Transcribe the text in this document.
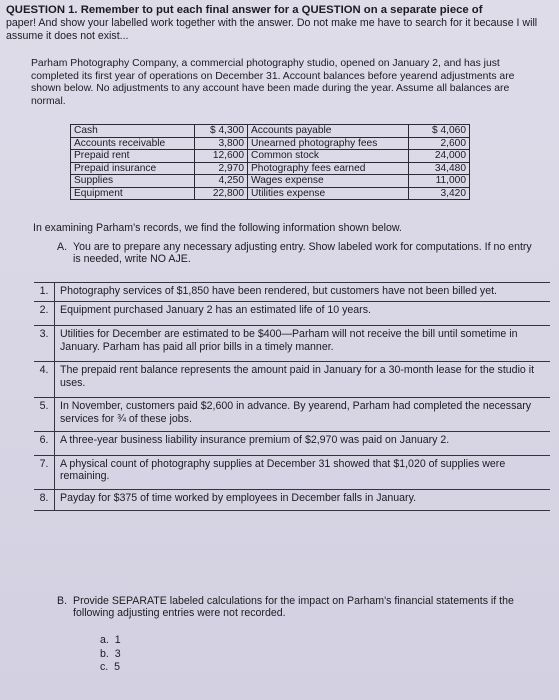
QUESTION 1. Remember to put each final answer for a QUESTION on a separate piece of

paper! And show your labelled work together with the answer. Do not make me have to search for it because I will assume it does not exist...

Parham Photography Company, a commercial photography studio, opened on January 2, and has just completed its first year of operations on December 31. Account balances before yearend adjustments are shown below. No adjustments to any account have been made during the year. Assume all balances are normal.

Cash	$ 4,300	Accounts payable	$ 4,060
Accounts receivable	3,800	Unearned photography fees	2,600
Prepaid rent	12,600	Common stock	24,000
Prepaid insurance	2,970	Photography fees earned	34,480
Supplies	4,250	Wages expense	11,000
Equipment	22,800	Utilities expense	3,420

In examining Parham's records, we find the following information shown below.

A. You are to prepare any necessary adjusting entry. Show labeled work for computations. If no entry is needed, write NO AJE.
1.	Photography services of $1,850 have been rendered, but customers have not been billed yet.
2.	Equipment purchased January 2 has an estimated life of 10 years.
3.	Utilities for December are estimated to be $400—Parham will not receive the bill until sometime in January. Parham has paid all prior bills in a timely manner.
4.	The prepaid rent balance represents the amount paid in January for a 30-month lease for the studio it uses.
5.	In November, customers paid $2,600 in advance. By yearend, Parham had completed the necessary services for ¾ of these jobs.
6.	A three-year business liability insurance premium of $2,970 was paid on January 2.
7.	A physical count of photography supplies at December 31 showed that $1,020 of supplies were remaining.
8.	Payday for $375 of time worked by employees in December falls in January.
B. Provide SEPARATE labeled calculations for the impact on Parham's financial statements if the following adjusting entries were not recorded.
a. 1
b. 3
c. 5
